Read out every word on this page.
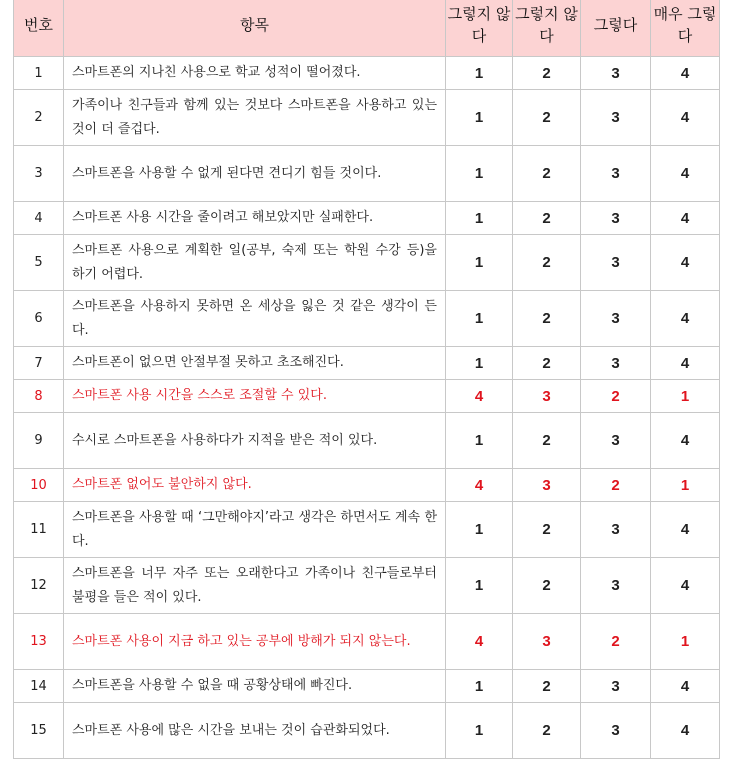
번호	항목	그렇지 않다	그렇지 않다	그렇다	매우 그렇다
1	스마트폰의 지나친 사용으로 학교 성적이 떨어졌다.	1	2	3	4
2	가족이나 친구들과 함께 있는 것보다 스마트폰을 사용하고 있는 것이 더 즐겁다.	1	2	3	4
3	스마트폰을 사용할 수 없게 된다면 견디기 힘들 것이다.	1	2	3	4
4	스마트폰 사용 시간을 줄이려고 해보았지만 실패한다.	1	2	3	4
5	스마트폰 사용으로 계획한 일(공부, 숙제 또는 학원 수강 등)을 하기 어렵다.	1	2	3	4
6	스마트폰을 사용하지 못하면 온 세상을 잃은 것 같은 생각이 든다.	1	2	3	4
7	스마트폰이 없으면 안절부절 못하고 초조해진다.	1	2	3	4
8	스마트폰 사용 시간을 스스로 조절할 수 있다.	4	3	2	1
9	수시로 스마트폰을 사용하다가 지적을 받은 적이 있다.	1	2	3	4
10	스마트폰 없어도 불안하지 않다.	4	3	2	1
11	스마트폰을 사용할 때 ‘그만해야지’라고 생각은 하면서도 계속 한다.	1	2	3	4
12	스마트폰을 너무 자주 또는 오래한다고 가족이나 친구들로부터 불평을 들은 적이 있다.	1	2	3	4
13	스마트폰 사용이 지금 하고 있는 공부에 방해가 되지 않는다.	4	3	2	1
14	스마트폰을 사용할 수 없을 때 공황상태에 빠진다.	1	2	3	4
15	스마트폰 사용에 많은 시간을 보내는 것이 습관화되었다.	1	2	3	4
